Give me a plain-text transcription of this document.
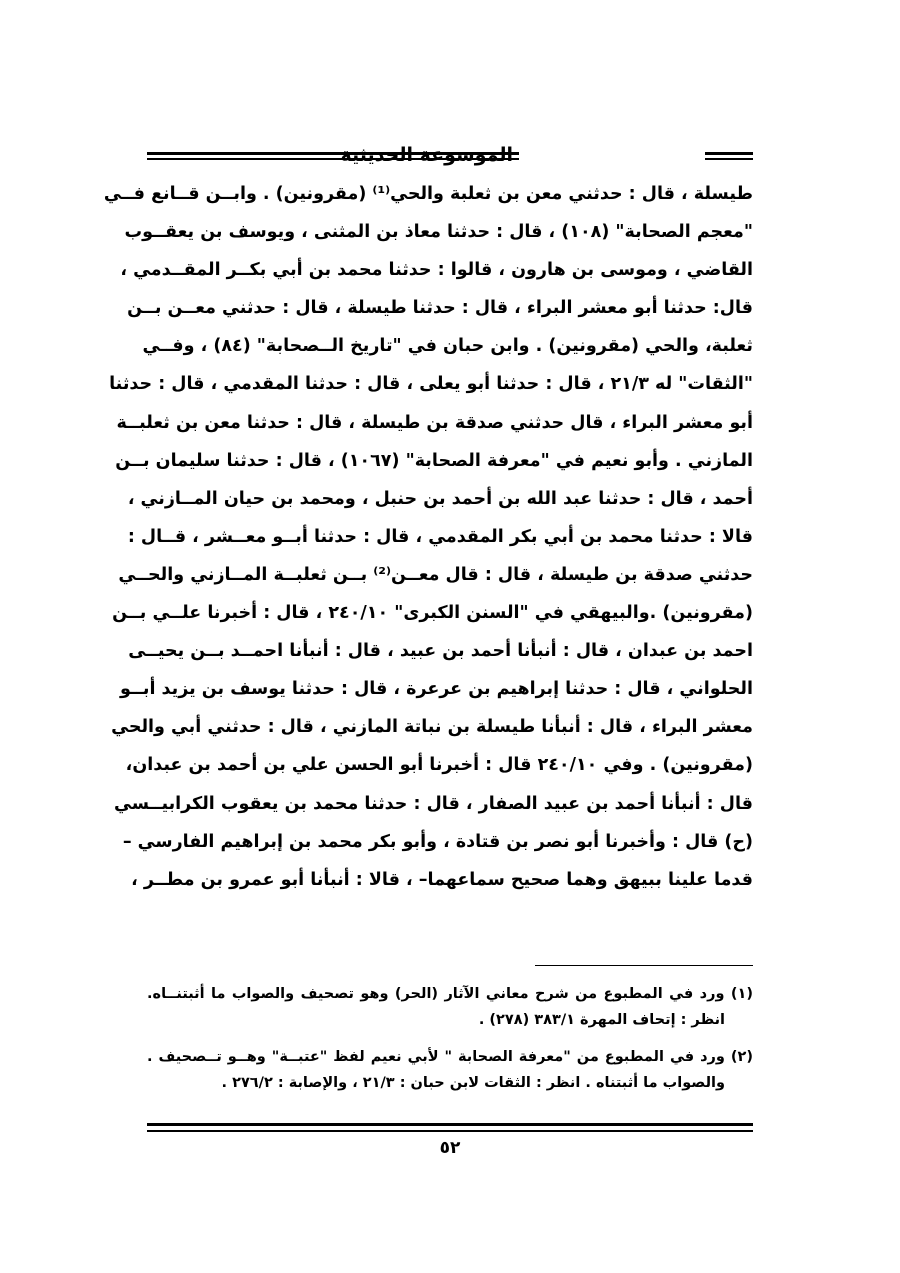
الموسوعة الحديثية
طيسلة ، قال : حدثني معن بن ثعلبة والحي⁽¹⁾ (مقرونين) . وابــن قــانع فــي
"معجم الصحابة" (١٠٨) ، قال : حدثنا معاذ بن المثنى ، ويوسف بن يعقــوب
القاضي ، وموسى بن هارون ، قالوا : حدثنا محمد بن أبي بكــر المقــدمي ،
قال: حدثنا أبو معشر البراء ، قال : حدثنا طيسلة ، قال : حدثني معــن بــن
ثعلبة، والحي (مقرونين) . وابن حبان في "تاريخ الــصحابة" (٨٤) ، وفــي
"الثقات" له ٢١/٣ ، قال : حدثنا أبو يعلى ، قال : حدثنا المقدمي ، قال : حدثنا
أبو معشر البراء ، قال حدثني صدقة بن طيسلة ، قال : حدثنا معن بن ثعلبــة
المازني . وأبو نعيم في "معرفة الصحابة" (١٠٦٧) ، قال : حدثنا سليمان بــن
أحمد ، قال : حدثنا عبد الله بن أحمد بن حنبل ، ومحمد بن حيان المــازني ،
قالا : حدثنا محمد بن أبي بكر المقدمي ، قال : حدثنا أبــو معــشر ، قــال :
حدثني صدقة بن طيسلة ، قال : قال معــن⁽²⁾ بــن ثعلبــة المــازني والحــي
(مقرونين) .والبيهقي في "السنن الكبرى" ٢٤٠/١٠ ، قال : أخبرنا علــي بــن
احمد بن عبدان ، قال : أنبأنا أحمد بن عبيد ، قال : أنبأنا احمــد بــن يحيــى
الحلواني ، قال : حدثنا إبراهيم بن عرعرة ، قال : حدثنا يوسف بن يزيد أبــو
معشر البراء ، قال : أنبأنا طيسلة بن نباتة المازني ، قال : حدثني أبي والحي
(مقرونين) . وفي ٢٤٠/١٠ قال : أخبرنا أبو الحسن علي بن أحمد بن عبدان،
قال : أنبأنا أحمد بن عبيد الصفار ، قال : حدثنا محمد بن يعقوب الكرابيــسي
(ح) قال : وأخبرنا أبو نصر بن قتادة ، وأبو بكر محمد بن إبراهيم الفارسي –
قدما علينا ببيهق وهما صحيح سماعهما– ، قالا : أنبأنا أبو عمرو بن مطــر ،
(١) ورد في المطبوع من شرح معاني الآثار (الحر) وهو تصحيف والصواب ما أثبتنــاه.
انظر : إتحاف المهرة ٣٨٣/١ (٢٧٨) .
(٢) ورد في المطبوع من "معرفة الصحابة " لأبي نعيم لفظ "عتبــة" وهــو تــصحيف .
والصواب ما أثبتناه . انظر : الثقات لابن حبان : ٢١/٣ ، والإصابة : ٢٧٦/٢ .
٥٢
